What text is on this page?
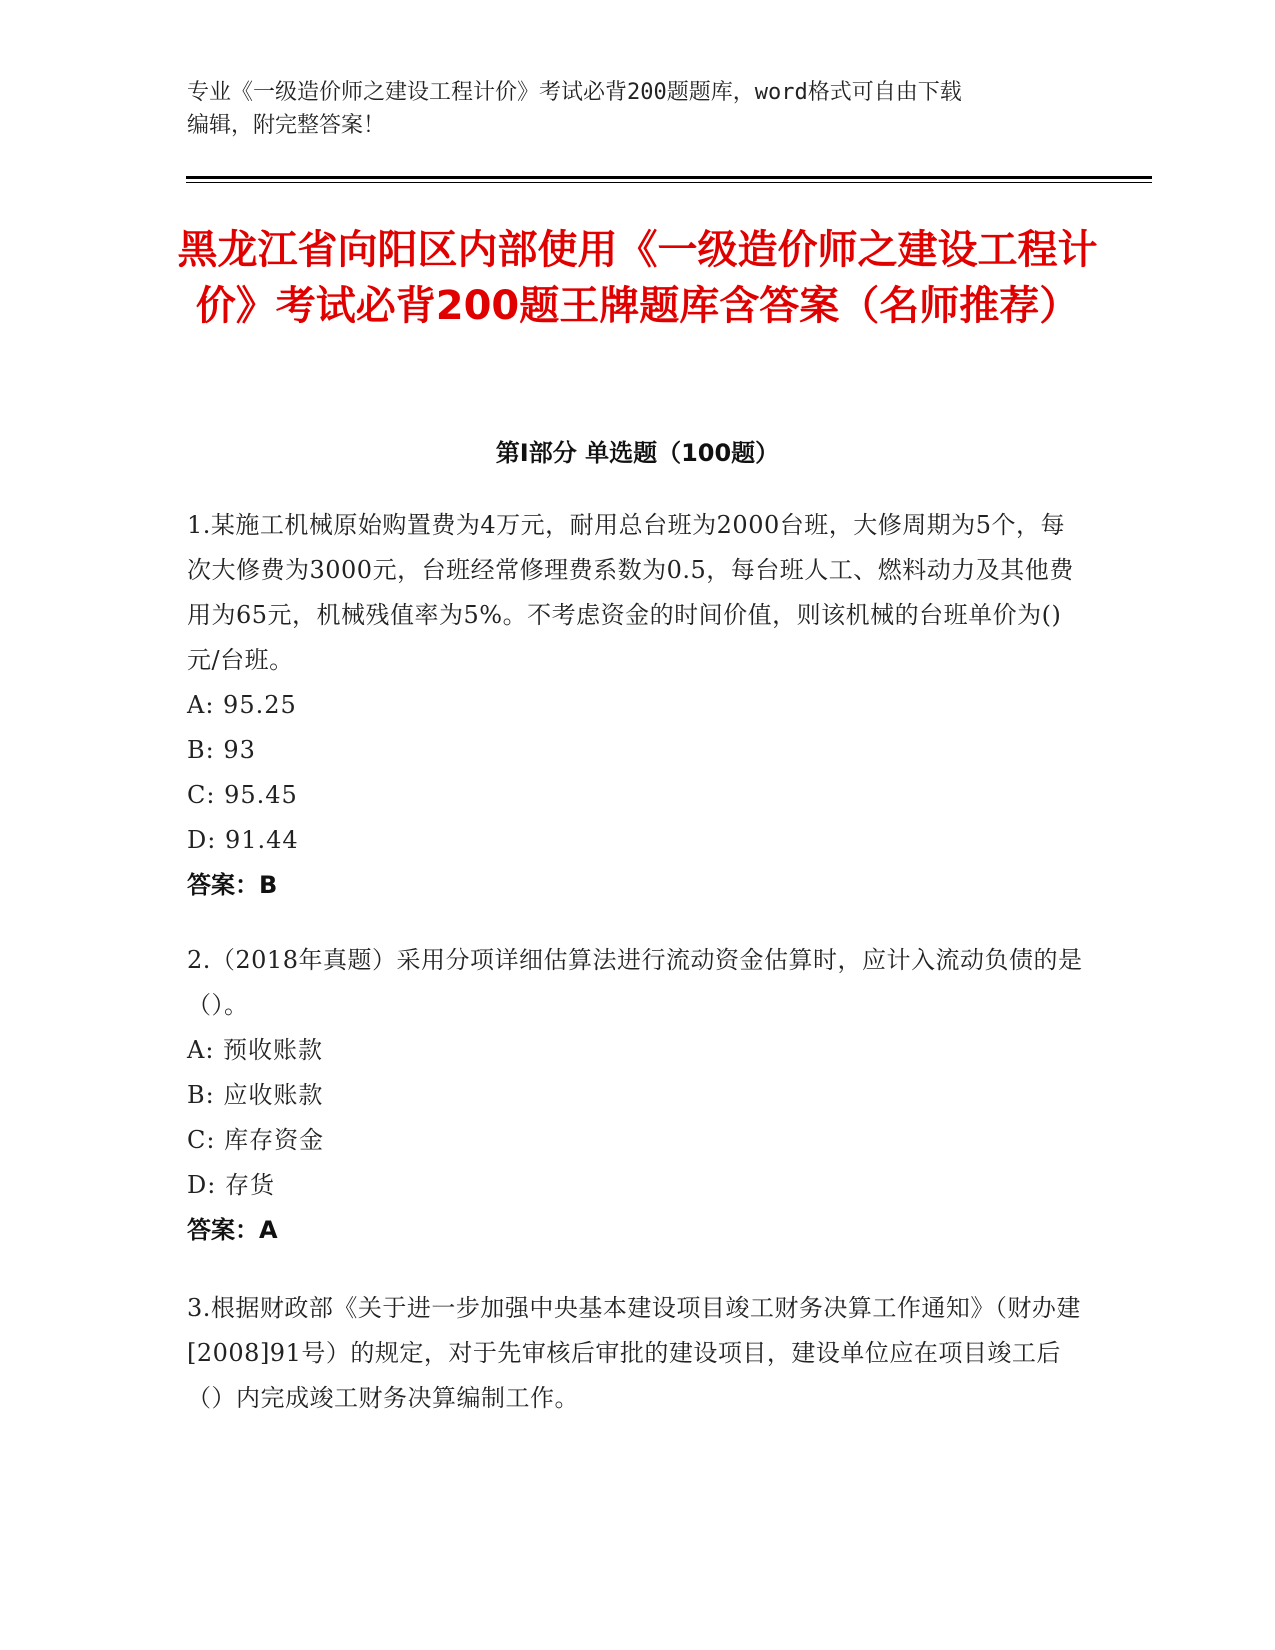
专业《一级造价师之建设工程计价》考试必背200题题库，word格式可自由下载
编辑，附完整答案！
黑龙江省向阳区内部使用《一级造价师之建设工程计价》考试必背200题王牌题库含答案（名师推荐）
第Ⅰ部分 单选题（100题）
1.某施工机械原始购置费为4万元，耐用总台班为2000台班，大修周期为5个，每次大修费为3000元，台班经常修理费系数为0.5，每台班人工、燃料动力及其他费用为65元，机械残值率为5%。不考虑资金的时间价值，则该机械的台班单价为()元/台班。
A: 95.25
B: 93
C: 95.45
D: 91.44
答案：B
2.（2018年真题）采用分项详细估算法进行流动资金估算时，应计入流动负债的是（）。
A: 预收账款
B: 应收账款
C: 库存资金
D: 存货
答案：A
3.根据财政部《关于进一步加强中央基本建设项目竣工财务决算工作通知》（财办建[2008]91号）的规定，对于先审核后审批的建设项目，建设单位应在项目竣工后（）内完成竣工财务决算编制工作。
